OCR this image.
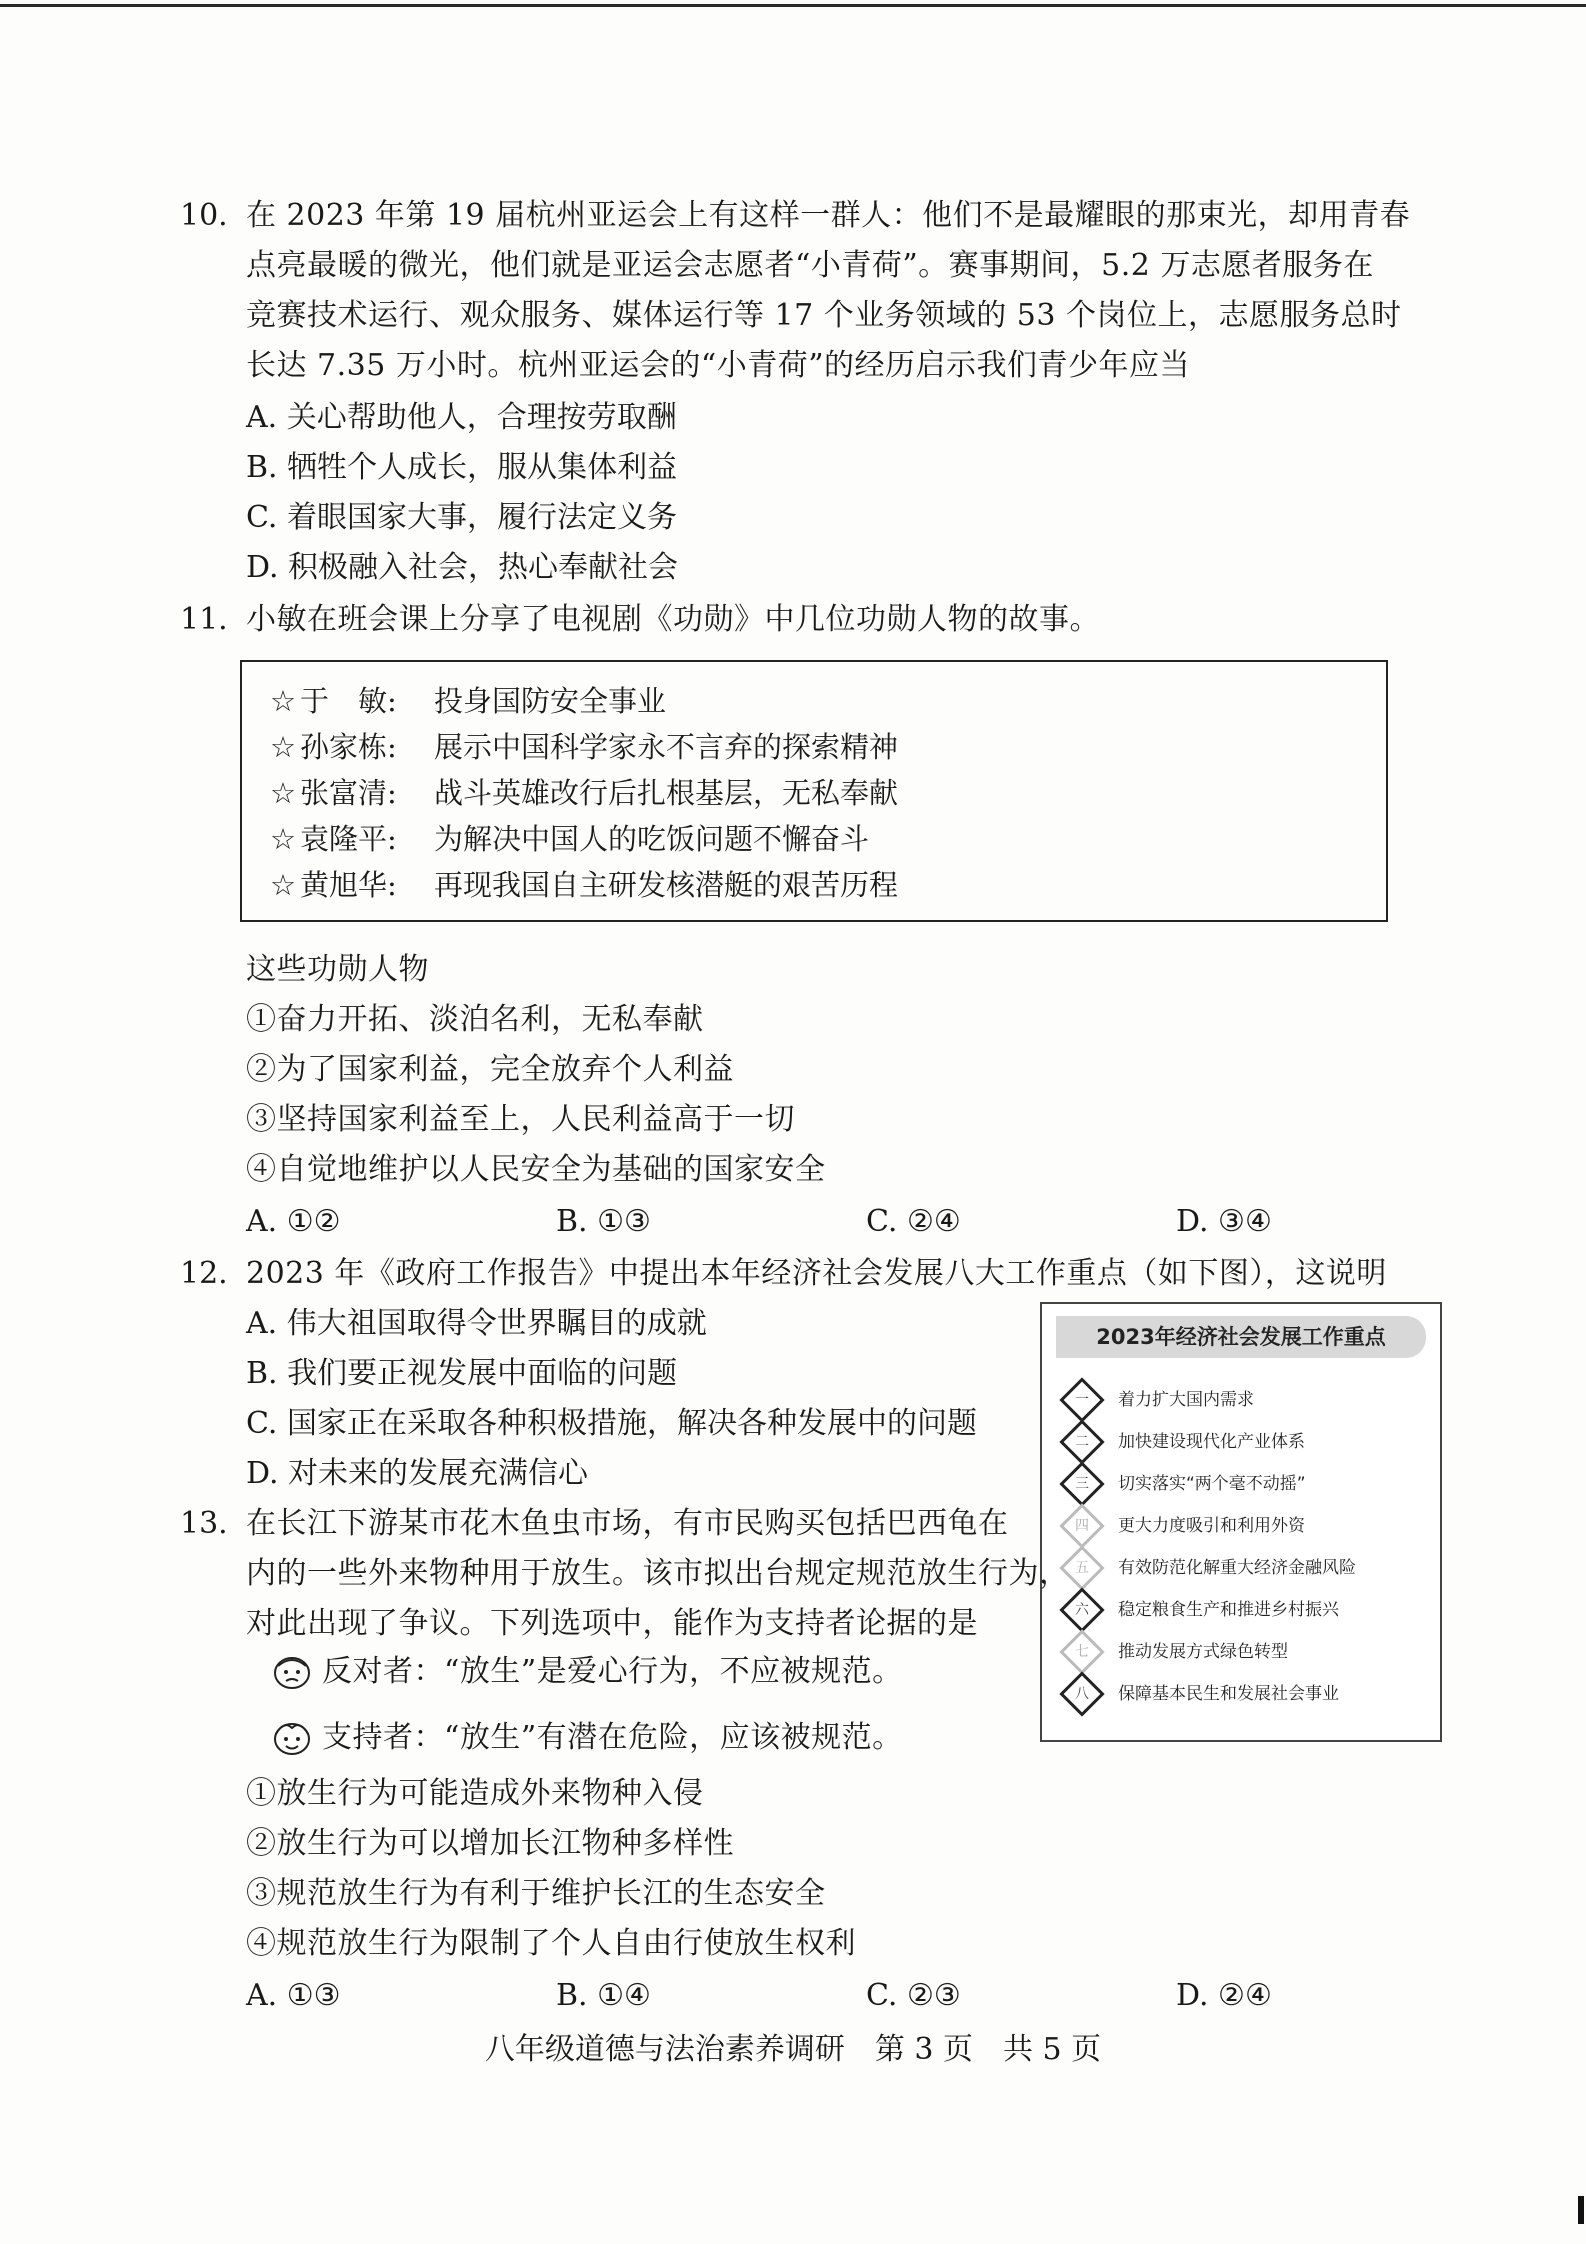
10. 在 2023 年第 19 届杭州亚运会上有这样一群人：他们不是最耀眼的那束光，却用青春
点亮最暖的微光，他们就是亚运会志愿者“小青荷”。赛事期间，5.2 万志愿者服务在
竞赛技术运行、观众服务、媒体运行等 17 个业务领域的 53 个岗位上，志愿服务总时
长达 7.35 万小时。杭州亚运会的“小青荷”的经历启示我们青少年应当
A. 关心帮助他人，合理按劳取酬
B. 牺牲个人成长，服从集体利益
C. 着眼国家大事，履行法定义务
D. 积极融入社会，热心奉献社会
11. 小敏在班会课上分享了电视剧《功勋》中几位功勋人物的故事。
☆ 于　敏: 投身国防安全事业
☆ 孙家栋: 展示中国科学家永不言弃的探索精神
☆ 张富清: 战斗英雄改行后扎根基层，无私奉献
☆ 袁隆平: 为解决中国人的吃饭问题不懈奋斗
☆ 黄旭华: 再现我国自主研发核潜艇的艰苦历程
这些功勋人物
①奋力开拓、淡泊名利，无私奉献
②为了国家利益，完全放弃个人利益
③坚持国家利益至上，人民利益高于一切
④自觉地维护以人民安全为基础的国家安全
A. ①②	B. ①③	C. ②④	D. ③④
12. 2023 年《政府工作报告》中提出本年经济社会发展八大工作重点（如下图），这说明
A. 伟大祖国取得令世界瞩目的成就
B. 我们要正视发展中面临的问题
C. 国家正在采取各种积极措施，解决各种发展中的问题
D. 对未来的发展充满信心
2023年经济社会发展工作重点
一	着力扩大国内需求
二	加快建设现代化产业体系
三	切实落实“两个毫不动摇”
四	更大力度吸引和利用外资
五	有效防范化解重大经济金融风险
六	稳定粮食生产和推进乡村振兴
七	推动发展方式绿色转型
八	保障基本民生和发展社会事业
13. 在长江下游某市花木鱼虫市场，有市民购买包括巴西龟在
内的一些外来物种用于放生。该市拟出台规定规范放生行为，
对此出现了争议。下列选项中，能作为支持者论据的是
反对者：“放生”是爱心行为，不应被规范。
支持者：“放生”有潜在危险，应该被规范。
①放生行为可能造成外来物种入侵
②放生行为可以增加长江物种多样性
③规范放生行为有利于维护长江的生态安全
④规范放生行为限制了个人自由行使放生权利
A. ①③	B. ①④	C. ②③	D. ②④
八年级道德与法治素养调研　第 3 页　共 5 页
